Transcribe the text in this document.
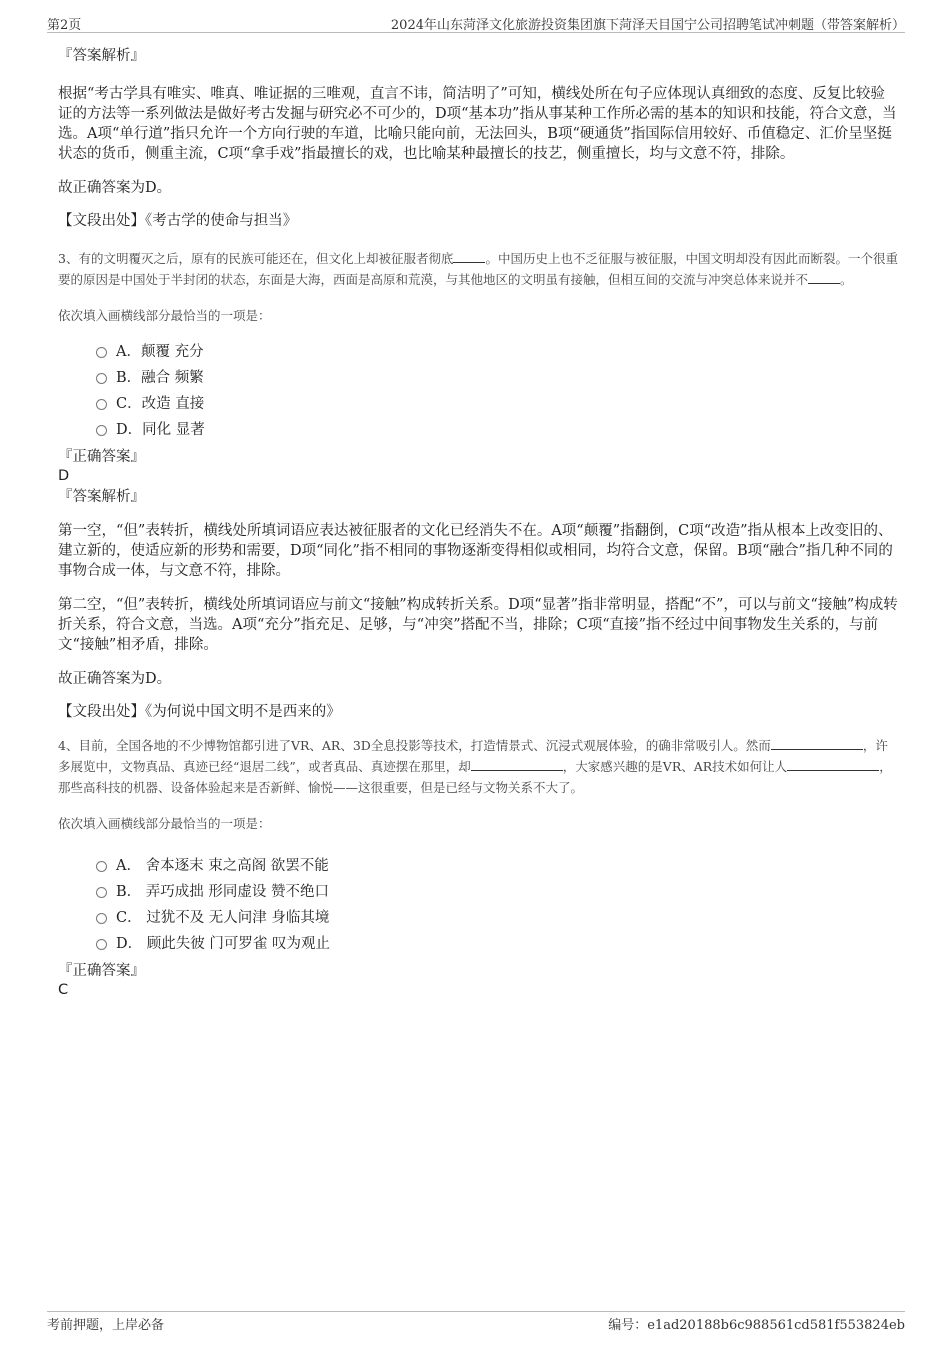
第2页	2024年山东菏泽文化旅游投资集团旗下菏泽天目国宁公司招聘笔试冲刺题（带答案解析）

『答案解析』

根据“考古学具有唯实、唯真、唯证据的三唯观，直言不讳，简洁明了”可知，横线处所在句子应体现认真细致的态度、反复比较验证的方法等一系列做法是做好考古发掘与研究必不可少的，D项“基本功”指从事某种工作所必需的基本的知识和技能，符合文意，当选。A项“单行道”指只允许一个方向行驶的车道，比喻只能向前，无法回头，B项“硬通货”指国际信用较好、币值稳定、汇价呈坚挺状态的货币，侧重主流，C项“拿手戏”指最擅长的戏，也比喻某种最擅长的技艺，侧重擅长，均与文意不符，排除。

故正确答案为D。

【文段出处】《考古学的使命与担当》

3、有的文明覆灭之后，原有的民族可能还在，但文化上却被征服者彻底	。中国历史上也不乏征服与被征服，中国文明却没有因此而断裂。一个很重要的原因是中国处于半封闭的状态，东面是大海，西面是高原和荒漠，与其他地区的文明虽有接触，但相互间的交流与冲突总体来说并不	。

依次填入画横线部分最恰当的一项是：

A．颠覆 充分
B．融合 频繁
C．改造 直接
D．同化 显著

『正确答案』

D

『答案解析』

第一空，“但”表转折，横线处所填词语应表达被征服者的文化已经消失不在。A项“颠覆”指翻倒，C项“改造”指从根本上改变旧的、建立新的，使适应新的形势和需要，D项“同化”指不相同的事物逐渐变得相似或相同，均符合文意，保留。B项“融合”指几种不同的事物合成一体，与文意不符，排除。

第二空，“但”表转折，横线处所填词语应与前文“接触”构成转折关系。D项“显著”指非常明显，搭配“不”，可以与前文“接触”构成转折关系，符合文意，当选。A项“充分”指充足、足够，与“冲突”搭配不当，排除；C项“直接”指不经过中间事物发生关系的，与前文“接触”相矛盾，排除。

故正确答案为D。

【文段出处】《为何说中国文明不是西来的》

4、目前，全国各地的不少博物馆都引进了VR、AR、3D全息投影等技术，打造情景式、沉浸式观展体验，的确非常吸引人。然而	，许多展览中，文物真品、真迹已经“退居二线”，或者真品、真迹摆在那里，却	，大家感兴趣的是VR、AR技术如何让人	，那些高科技的机器、设备体验起来是否新鲜、愉悦——这很重要，但是已经与文物关系不大了。

依次填入画横线部分最恰当的一项是：

A． 舍本逐末 束之高阁 欲罢不能
B． 弄巧成拙 形同虚设 赞不绝口
C． 过犹不及 无人问津 身临其境
D． 顾此失彼 门可罗雀 叹为观止

『正确答案』

C

考前押题，上岸必备	编号：e1ad20188b6c988561cd581f553824eb
